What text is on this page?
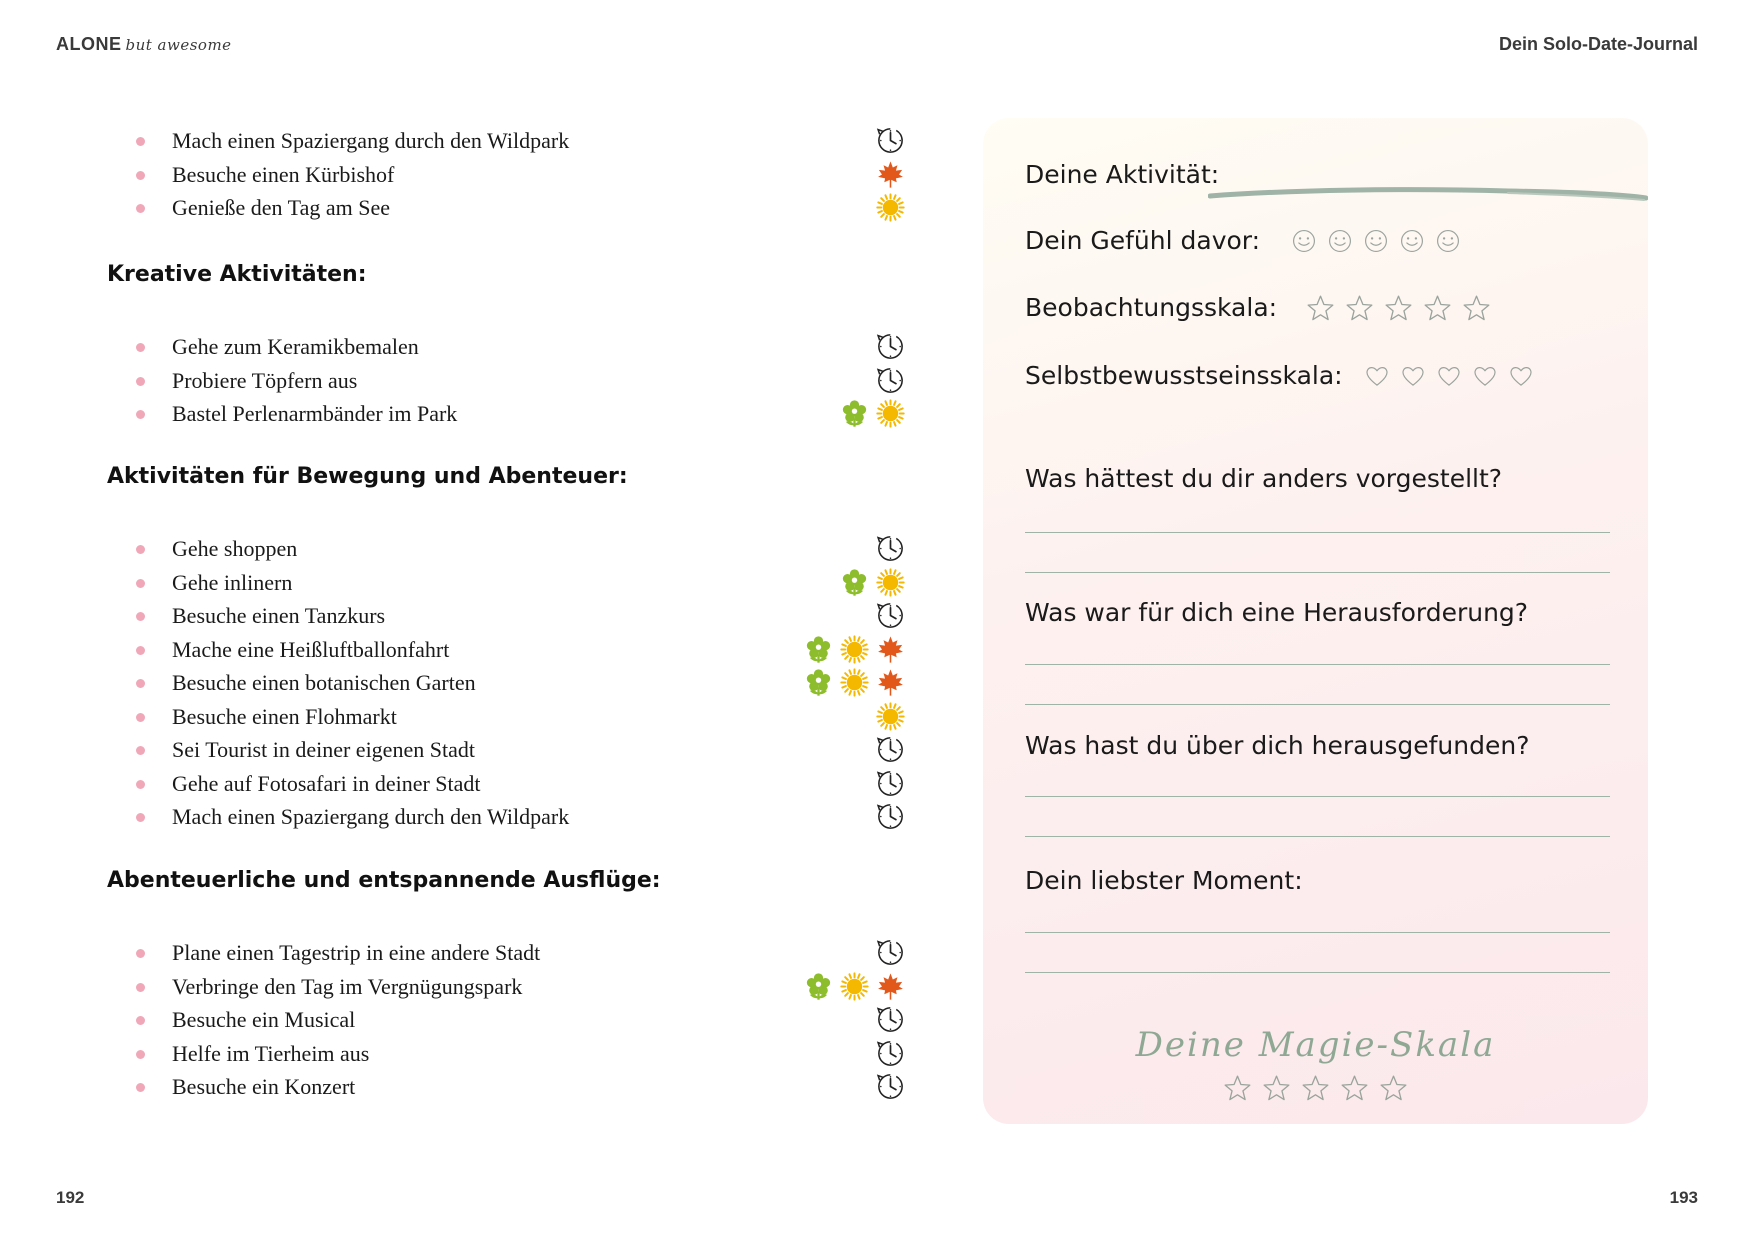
ALONE but awesome	Dein Solo-Date-Journal
Mach einen Spaziergang durch den Wildpark
Besuche einen Kürbishof
Genieße den Tag am See
Kreative Aktivitäten:
Gehe zum Keramikbemalen
Probiere Töpfern aus
Bastel Perlenarmbänder im Park
Aktivitäten für Bewegung und Abenteuer:
Gehe shoppen
Gehe inlinern
Besuche einen Tanzkurs
Mache eine Heißluftballonfahrt
Besuche einen botanischen Garten
Besuche einen Flohmarkt
Sei Tourist in deiner eigenen Stadt
Gehe auf Fotosafari in deiner Stadt
Mach einen Spaziergang durch den Wildpark
Abenteuerliche und entspannende Ausflüge:
Plane einen Tagestrip in eine andere Stadt
Verbringe den Tag im Vergnügungspark
Besuche ein Musical
Helfe im Tierheim aus
Besuche ein Konzert
Deine Aktivität:
Dein Gefühl davor:
Beobachtungsskala:
Selbstbewusstseinsskala:
Was hättest du dir anders vorgestellt?
Was war für dich eine Herausforderung?
Was hast du über dich herausgefunden?
Dein liebster Moment:
Deine Magie-Skala
192	193
